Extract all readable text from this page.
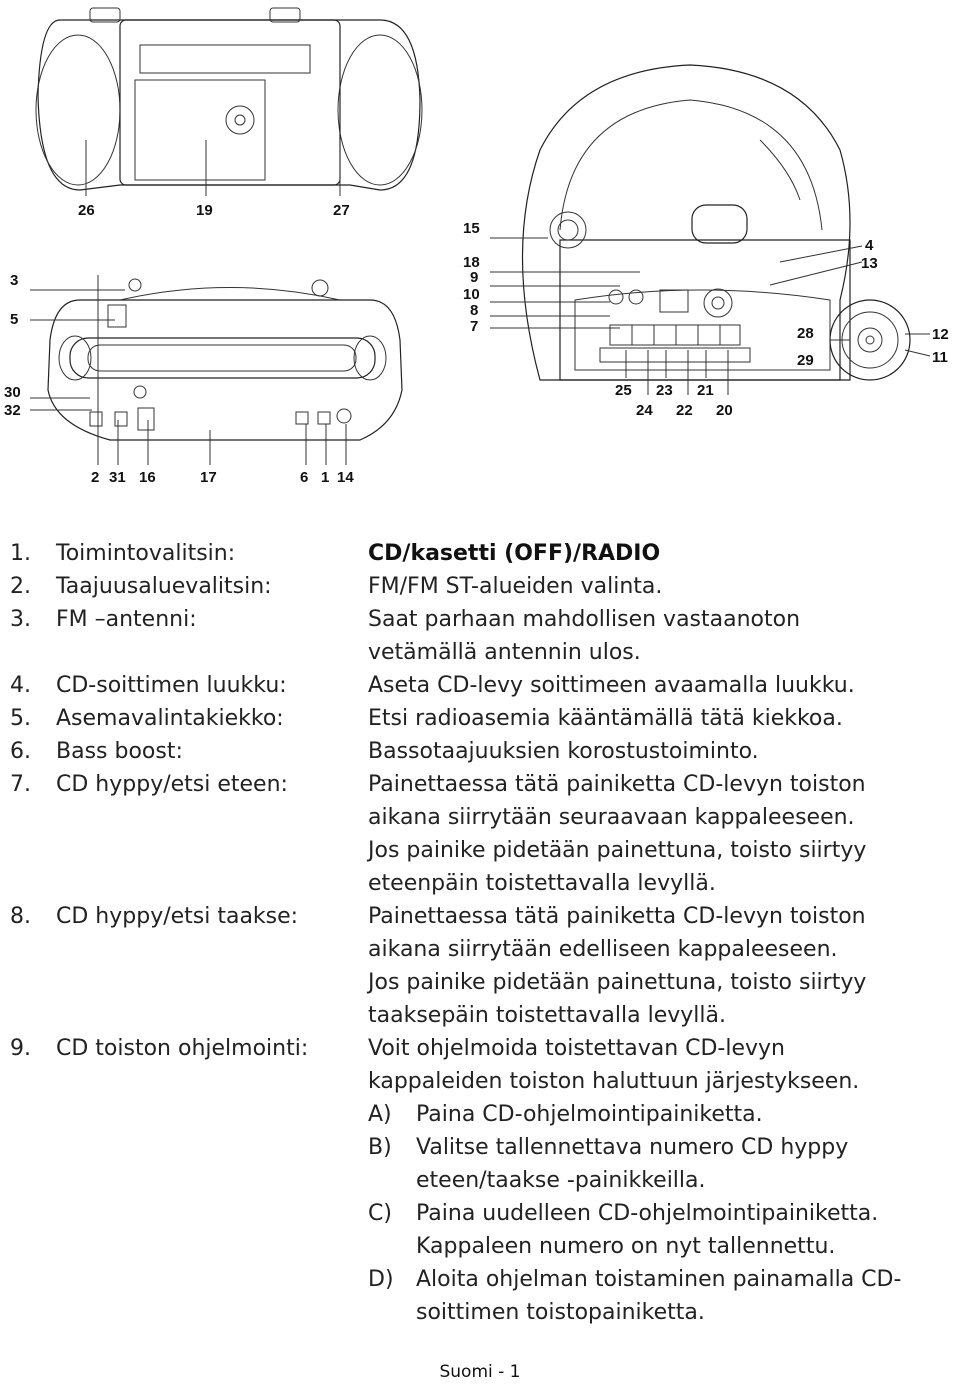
26	19	27
3
5
30
32
2 31 16	17	6 1 14
15
18
9
10
8
7
4
13
28
29
12
11
25 23 21
24 22 20
1.	Toimintovalitsin:	CD/kasetti (OFF)/RADIO
2.	Taajuusaluevalitsin:	FM/FM ST-alueiden valinta.
3.	FM –antenni:	Saat parhaan mahdollisen vastaanoton
vetämällä antennin ulos.
4.	CD-soittimen luukku:	Aseta CD-levy soittimeen avaamalla luukku.
5.	Asemavalintakiekko:	Etsi radioasemia kääntämällä tätä kiekkoa.
6.	Bass boost:	Bassotaajuuksien korostustoiminto.
7.	CD hyppy/etsi eteen:	Painettaessa tätä painiketta CD-levyn toiston
aikana siirrytään seuraavaan kappaleeseen.
Jos painike pidetään painettuna, toisto siirtyy
eteenpäin toistettavalla levyllä.
8.	CD hyppy/etsi taakse:	Painettaessa tätä painiketta CD-levyn toiston
aikana siirrytään edelliseen kappaleeseen.
Jos painike pidetään painettuna, toisto siirtyy
taaksepäin toistettavalla levyllä.
9.	CD toiston ohjelmointi:	Voit ohjelmoida toistettavan CD-levyn
kappaleiden toiston haluttuun järjestykseen.
A)	Paina CD-ohjelmointipainiketta.
B)	Valitse tallennettava numero CD hyppy
eteen/taakse -painikkeilla.
C)	Paina uudelleen CD-ohjelmointipainiketta.
Kappaleen numero on nyt tallennettu.
D)	Aloita ohjelman toistaminen painamalla CD-
soittimen toistopainiketta.
Suomi - 1
